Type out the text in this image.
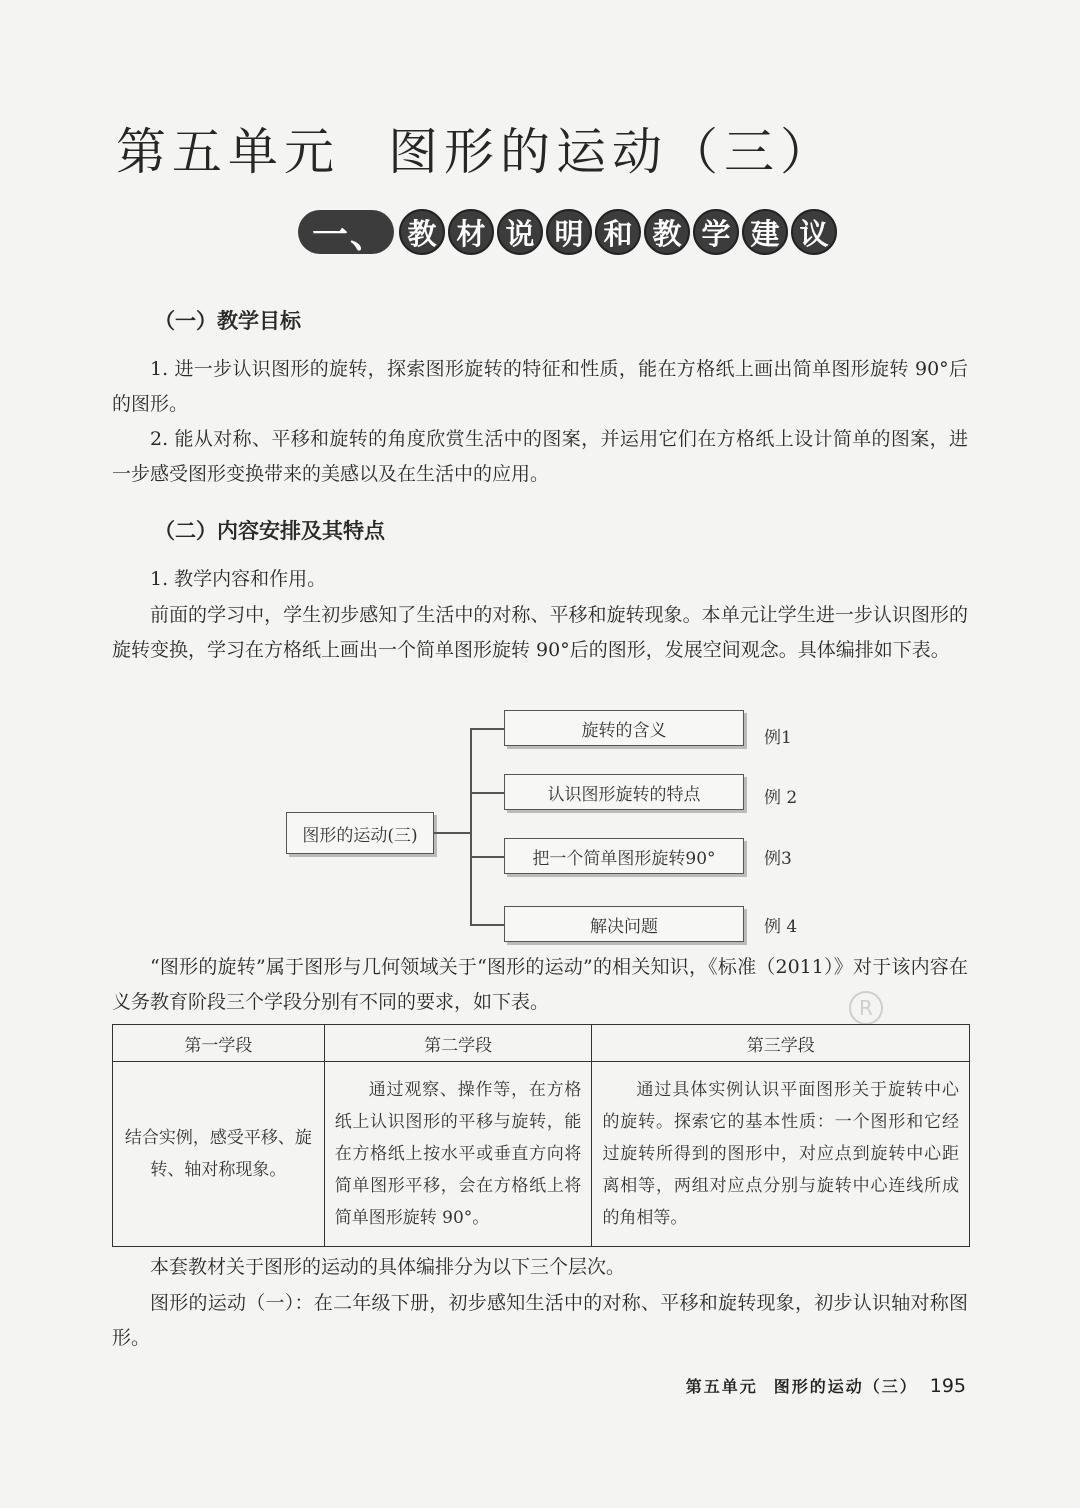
第五单元 图形的运动（三）
一、 教 材 说 明 和 教 学 建 议
（一）教学目标
1. 进一步认识图形的旋转，探索图形旋转的特征和性质，能在方格纸上画出简单图形旋转 90°后的图形。
2. 能从对称、平移和旋转的角度欣赏生活中的图案，并运用它们在方格纸上设计简单的图案，进一步感受图形变换带来的美感以及在生活中的应用。
（二）内容安排及其特点
1. 教学内容和作用。
前面的学习中，学生初步感知了生活中的对称、平移和旋转现象。本单元让学生进一步认识图形的旋转变换，学习在方格纸上画出一个简单图形旋转 90°后的图形，发展空间观念。具体编排如下表。
图形的运动(三)
旋转的含义
认识图形旋转的特点
把一个简单图形旋转90°
解决问题
例1
例 2
例3
例 4
“图形的旋转”属于图形与几何领域关于“图形的运动”的相关知识，《标准（2011）》对于该内容在义务教育阶段三个学段分别有不同的要求，如下表。	R
第一学段	第二学段	第三学段
结合实例，感受平移、旋转、轴对称现象。	通过观察、操作等，在方格纸上认识图形的平移与旋转，能在方格纸上按水平或垂直方向将简单图形平移，会在方格纸上将简单图形旋转 90°。	通过具体实例认识平面图形关于旋转中心的旋转。探索它的基本性质：一个图形和它经过旋转所得到的图形中，对应点到旋转中心距离相等，两组对应点分别与旋转中心连线所成的角相等。
本套教材关于图形的运动的具体编排分为以下三个层次。
图形的运动（一）：在二年级下册，初步感知生活中的对称、平移和旋转现象，初步认识轴对称图形。
第五单元 图形的运动（三） 195
